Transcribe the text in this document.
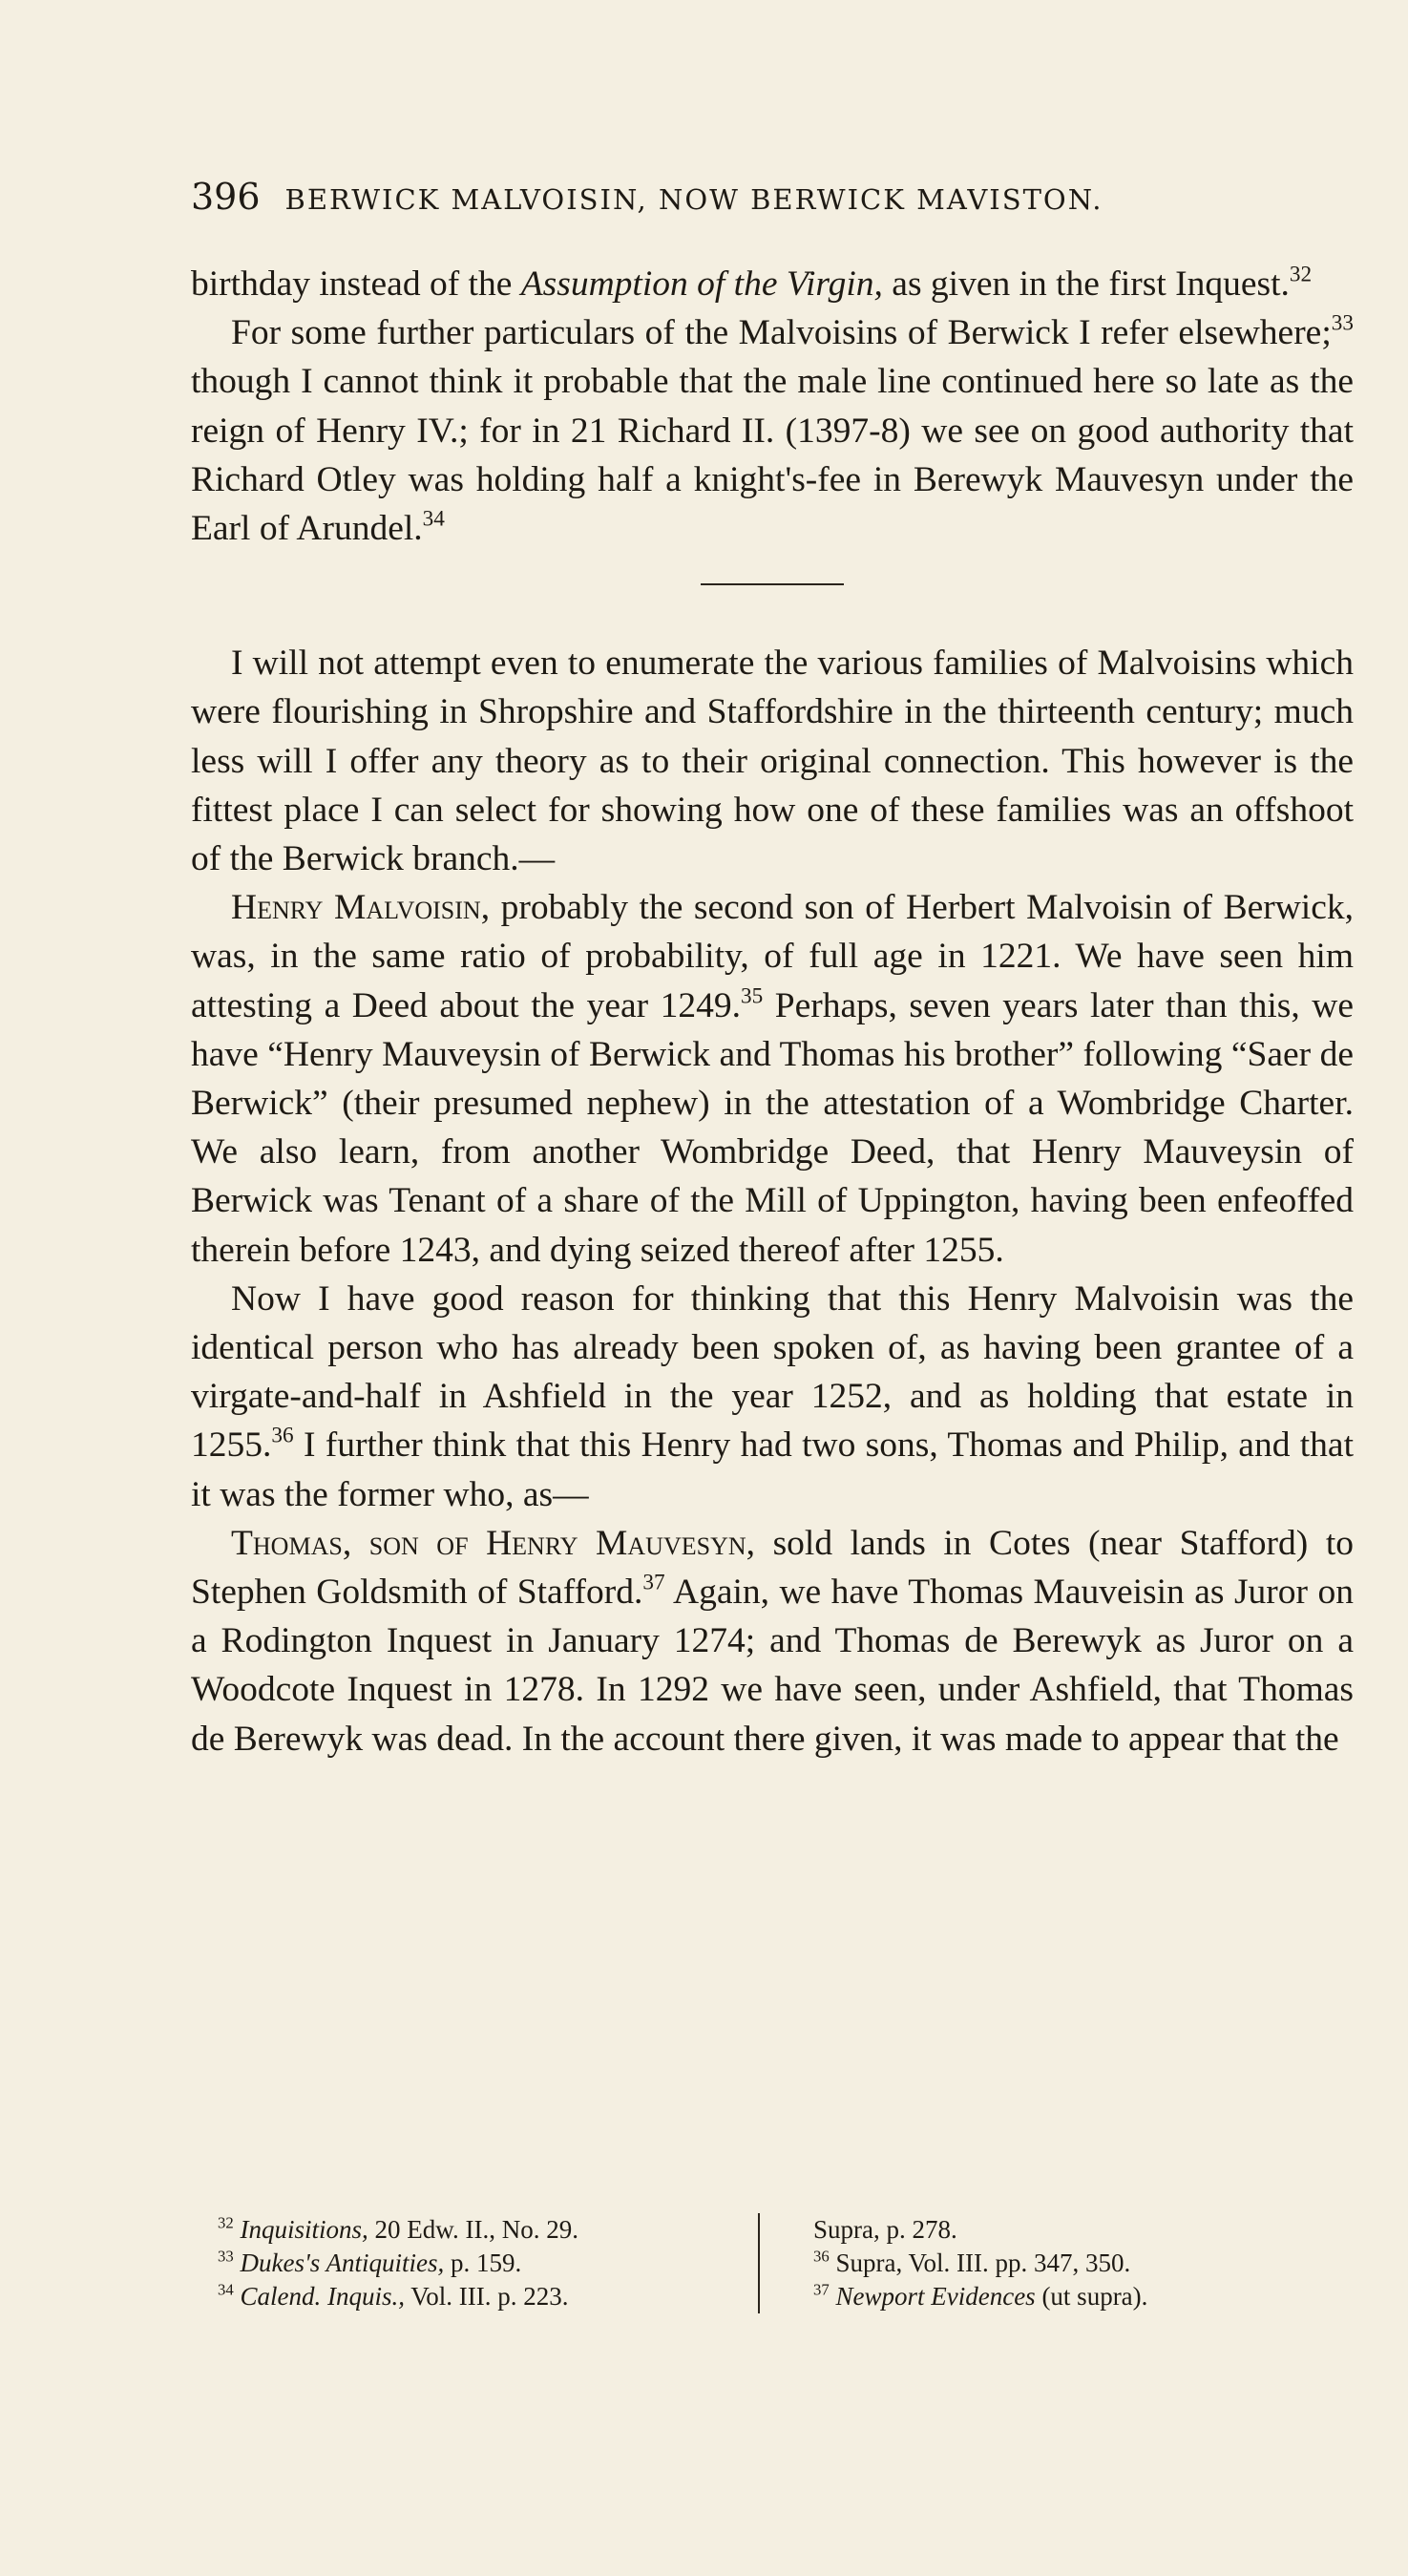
396 BERWICK MALVOISIN, NOW BERWICK MAVISTON.

birthday instead of the Assumption of the Virgin, as given in the first Inquest.$^{32}$

For some further particulars of the Malvoisins of Berwick I refer elsewhere;$^{33}$ though I cannot think it probable that the male line continued here so late as the reign of Henry IV.; for in 21 Richard II. (1397-8) we see on good authority that Richard Otley was holding half a knight's-fee in Berewyk Mauvesyn under the Earl of Arundel.$^{34}$

I will not attempt even to enumerate the various families of Malvoisins which were flourishing in Shropshire and Staffordshire in the thirteenth century; much less will I offer any theory as to their original connection. This however is the fittest place I can select for showing how one of these families was an offshoot of the Berwick branch.—

Henry Malvoisin, probably the second son of Herbert Malvoisin of Berwick, was, in the same ratio of probability, of full age in 1221. We have seen him attesting a Deed about the year 1249.35 Perhaps, seven years later than this, we have “Henry Mauveysin of Berwick and Thomas his brother” following “Saer de Berwick” (their presumed nephew) in the attestation of a Wombridge Charter. We also learn, from another Wombridge Deed, that Henry Mauveysin of Berwick was Tenant of a share of the Mill of Uppington, having been enfeoffed therein before 1243, and dying seized thereof after 1255.

Now I have good reason for thinking that this Henry Malvoisin was the identical person who has already been spoken of, as having been grantee of a virgate-and-half in Ashfield in the year 1252, and as holding that estate in 1255.36 I further think that this Henry had two sons, Thomas and Philip, and that it was the former who, as—

Thomas, son of Henry Mauvesyn, sold lands in Cotes (near Stafford) to Stephen Goldsmith of Stafford.$^{37}$ Again, we have Thomas Mauveisin as Juror on a Rodington Inquest in January 1274; and Thomas de Berewyk as Juror on a Woodcote Inquest in 1278. In 1292 we have seen, under Ashfield, that Thomas de Berewyk was dead. In the account there given, it was made to appear that the

$^{32}$ Inquisitions, 20 Edw. II., No. 29.
$^{33}$ Dukes's Antiquities, p. 159.
$^{34}$ Calend. Inquis., Vol. III. p. 223.
Supra, p. 278.
$^{36}$ Supra, Vol. III. pp. 347, 350.
$^{37}$ Newport Evidences (ut supra).
